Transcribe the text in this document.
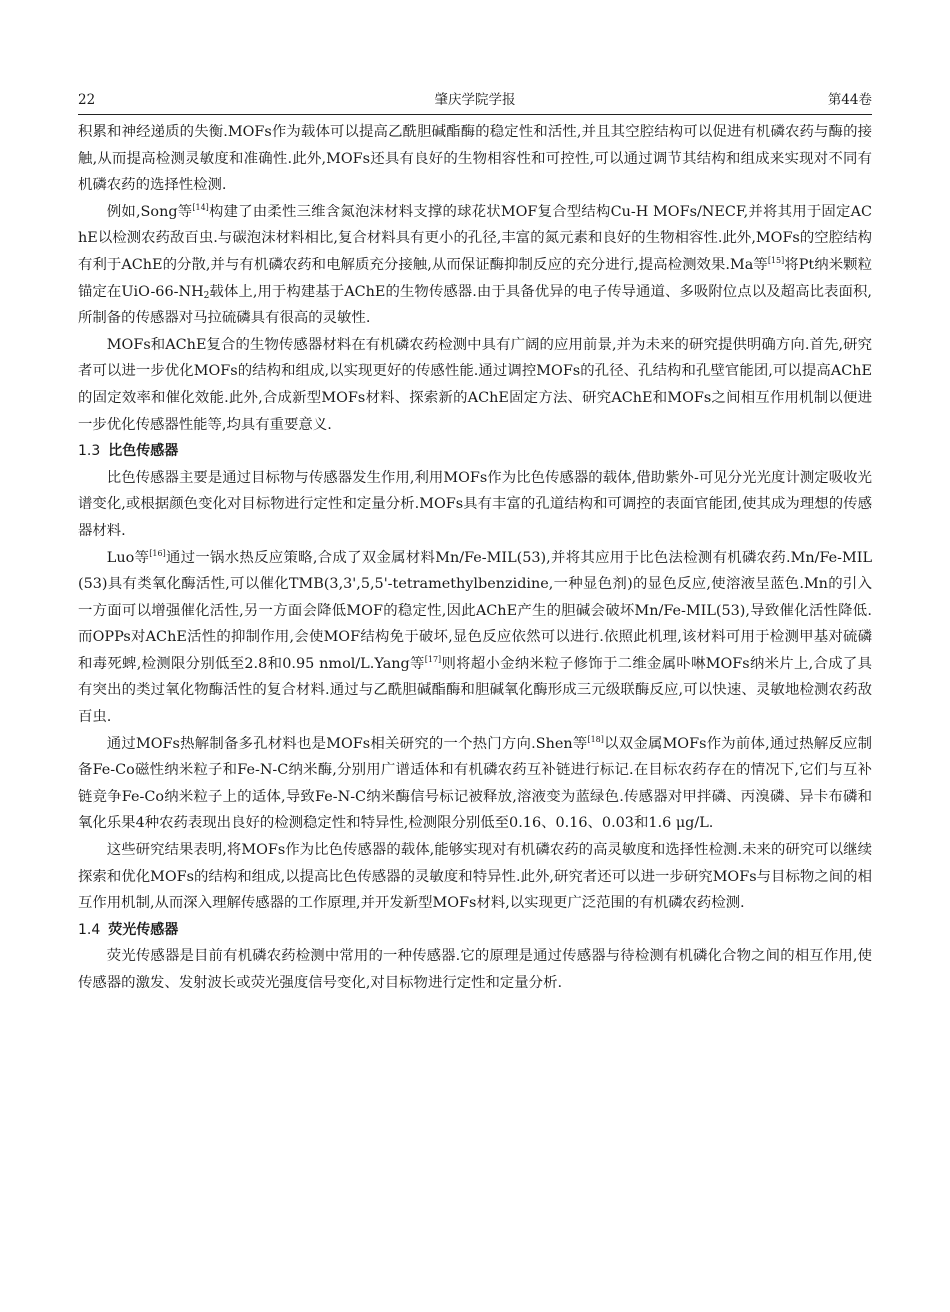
22	肇庆学院学报	第44卷

积累和神经递质的失衡.MOFs作为载体可以提高乙酰胆碱酯酶的稳定性和活性,并且其空腔结构可以促进有机磷农药与酶的接触,从而提高检测灵敏度和准确性.此外,MOFs还具有良好的生物相容性和可控性,可以通过调节其结构和组成来实现对不同有机磷农药的选择性检测.

例如,Song等[14]构建了由柔性三维含氮泡沫材料支撑的球花状MOF复合型结构Cu-H MOFs/NECF,并将其用于固定AChE以检测农药敌百虫.与碳泡沫材料相比,复合材料具有更小的孔径,丰富的氮元素和良好的生物相容性.此外,MOFs的空腔结构有利于AChE的分散,并与有机磷农药和电解质充分接触,从而保证酶抑制反应的充分进行,提高检测效果.Ma等[15]将Pt纳米颗粒锚定在UiO-$66-NH_2$载体上,用于构建基于AChE的生物传感器.由于具备优异的电子传导通道、多吸附位点以及超高比表面积,所制备的传感器对马拉硫磷具有很高的灵敏性.

MOFs和AChE复合的生物传感器材料在有机磷农药检测中具有广阔的应用前景,并为未来的研究提供明确方向.首先,研究者可以进一步优化MOFs的结构和组成,以实现更好的传感性能.通过调控MOFs的孔径、孔结构和孔壁官能团,可以提高AChE的固定效率和催化效能.此外,合成新型MOFs材料、探索新的AChE固定方法、研究AChE和MOFs之间相互作用机制以便进一步优化传感器性能等,均具有重要意义.

1.3 比色传感器

比色传感器主要是通过目标物与传感器发生作用,利用MOFs作为比色传感器的载体,借助紫外-可见分光光度计测定吸收光谱变化,或根据颜色变化对目标物进行定性和定量分析.MOFs具有丰富的孔道结构和可调控的表面官能团,使其成为理想的传感器材料.

Luo等[16]通过一锅水热反应策略,合成了双金属材料Mn/Fe-MIL(53),并将其应用于比色法检测有机磷农药.Mn/Fe-MIL(53)具有类氧化酶活性,可以催化TMB(3,3',5,5'-tetramethylbenzidine,一种显色剂)的显色反应,使溶液呈蓝色.Mn的引入一方面可以增强催化活性,另一方面会降低MOF的稳定性,因此AChE产生的胆碱会破坏Mn/Fe-MIL(53),导致催化活性降低.而OPPs对AChE活性的抑制作用,会使MOF结构免于破坏,显色反应依然可以进行.依照此机理,该材料可用于检测甲基对硫磷和毒死蜱,检测限分别低至2.8和0.95 nmol/L.Yang等[17]则将超小金纳米粒子修饰于二维金属卟啉MOFs纳米片上,合成了具有突出的类过氧化物酶活性的复合材料.通过与乙酰胆碱酯酶和胆碱氧化酶形成三元级联酶反应,可以快速、灵敏地检测农药敌百虫.

通过MOFs热解制备多孔材料也是MOFs相关研究的一个热门方向.Shen等[18]以双金属MOFs作为前体,通过热解反应制备Fe-Co磁性纳米粒子和Fe-N-C纳米酶,分别用广谱适体和有机磷农药互补链进行标记.在目标农药存在的情况下,它们与互补链竞争Fe-Co纳米粒子上的适体,导致Fe-N-C纳米酶信号标记被释放,溶液变为蓝绿色.传感器对甲拌磷、丙溴磷、异卡布磷和氧化乐果4种农药表现出良好的检测稳定性和特异性,检测限分别低至0.16、0.16、0.03和1.6 μg/L.

这些研究结果表明,将MOFs作为比色传感器的载体,能够实现对有机磷农药的高灵敏度和选择性检测.未来的研究可以继续探索和优化MOFs的结构和组成,以提高比色传感器的灵敏度和特异性.此外,研究者还可以进一步研究MOFs与目标物之间的相互作用机制,从而深入理解传感器的工作原理,并开发新型MOFs材料,以实现更广泛范围的有机磷农药检测.

1.4 荧光传感器

荧光传感器是目前有机磷农药检测中常用的一种传感器.它的原理是通过传感器与待检测有机磷化合物之间的相互作用,使传感器的激发、发射波长或荧光强度信号变化,对目标物进行定性和定量分析.
